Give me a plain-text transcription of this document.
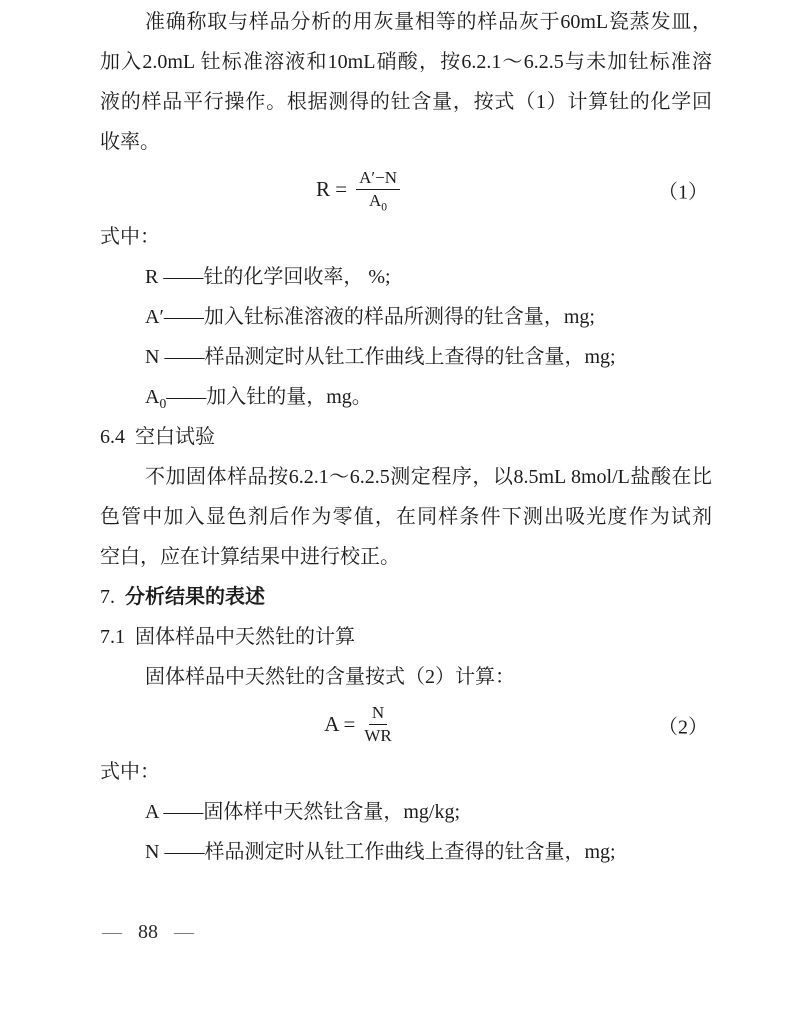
准确称取与样品分析的用灰量相等的样品灰于60mL瓷蒸发皿，
加入2.0mL 钍标准溶液和10mL硝酸，按6.2.1～6.2.5与未加钍标准溶
液的样品平行操作。根据测得的钍含量，按式（1）计算钍的化学回
收率。
$R = \frac{A'-N}{A_0}$	（1）
式中：
R ——钍的化学回收率， %;
A′——加入钍标准溶液的样品所测得的钍含量，mg;
N ——样品测定时从钍工作曲线上查得的钍含量，mg;
$A_0——$加入钍的量，mg。
6.4 空白试验
不加固体样品按6.2.1～6.2.5测定程序，以8.5mL 8mol/L盐酸在比
色管中加入显色剂后作为零值，在同样条件下测出吸光度作为试剂
空白，应在计算结果中进行校正。
7. 分析结果的表述
7.1 固体样品中天然钍的计算
固体样品中天然钍的含量按式（2）计算：
$A = \frac{N}{WR}$	（2）
式中：
A ——固体样中天然钍含量，mg/kg;
N ——样品测定时从钍工作曲线上查得的钍含量，mg;
— 88 —
